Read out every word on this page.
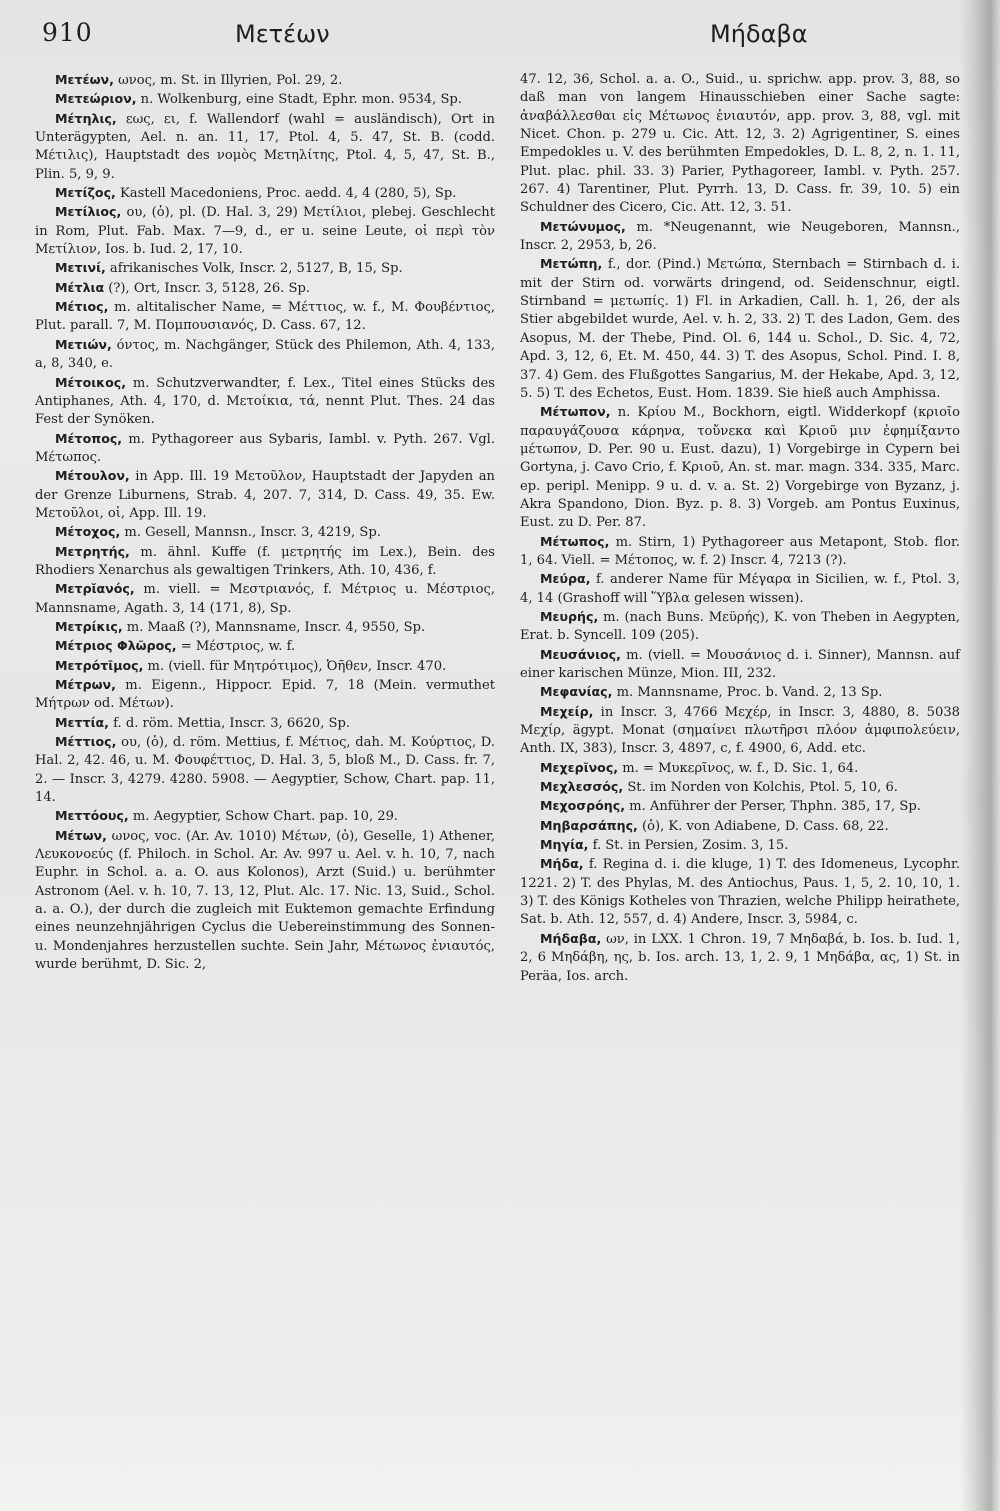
910	Μετέων	Μήδαβα

Μετέων, ωνος, m. St. in Illyrien, Pol. 29, 2.

Μετεώριον, n. Wolkenburg, eine Stadt, Ephr. mon. 9534, Sp.

Μέτηλις, εως, ει, f. Wallendorf (wahl = ausländisch), Ort in Unterägypten, Ael. n. an. 11, 17, Ptol. 4, 5. 47, St. B. (codd. Μέτιλις), Hauptstadt des νομὸς Μετηλίτης, Ptol. 4, 5, 47, St. B., Plin. 5, 9, 9.

Μετίζος, Kastell Macedoniens, Proc. aedd. 4, 4 (280, 5), Sp.

Μετίλιος, ου, (ὁ), pl. (D. Hal. 3, 29) Μετίλιοι, plebej. Geschlecht in Rom, Plut. Fab. Max. 7—9, d., er u. seine Leute, οἱ περὶ τὸν Μετίλιον, Ios. b. Iud. 2, 17, 10.

Μετινί, afrikanisches Volk, Inscr. 2, 5127, B, 15, Sp.

Μέτλια (?), Ort, Inscr. 3, 5128, 26. Sp.

Μέτιος, m. altitalischer Name, = Μέττιος, w. f., Μ. Φουβέντιος, Plut. parall. 7, Μ. Πομπουσιανός, D. Cass. 67, 12.

Μετιών, όντος, m. Nachgänger, Stück des Philemon, Ath. 4, 133, a, 8, 340, e.

Μέτοικος, m. Schutzverwandter, f. Lex., Titel eines Stücks des Antiphanes, Ath. 4, 170, d. Μετοίκια, τά, nennt Plut. Thes. 24 das Fest der Synöken.

Μέτοπος, m. Pythagoreer aus Sybaris, Iambl. v. Pyth. 267. Vgl. Μέτωπος.

Μέτουλον, in App. Ill. 19 Μετοῦλον, Hauptstadt der Japyden an der Grenze Liburnens, Strab. 4, 207. 7, 314, D. Cass. 49, 35. Ew. Μετοῦλοι, οἱ, App. Ill. 19.

Μέτοχος, m. Gesell, Mannsn., Inscr. 3, 4219, Sp.

Μετρητής, m. ähnl. Kuffe (f. μετρητής im Lex.), Bein. des Rhodiers Xenarchus als gewaltigen Trinkers, Ath. 10, 436, f.

Μετρῐανός, m. viell. = Μεστριανός, f. Μέτριος u. Μέστριος, Mannsname, Agath. 3, 14 (171, 8), Sp.

Μετρίκις, m. Maaß (?), Mannsname, Inscr. 4, 9550, Sp.

Μέτριος Φλῶρος, = Μέστριος, w. f.

Μετρότῑμος, m. (viell. für Μητρότιμος), Ὀῆθεν, Inscr. 470.

Μέτρων, m. Eigenn., Hippocr. Epid. 7, 18 (Mein. vermuthet Μήτρων od. Μέτων).

Μεττία, f. d. röm. Mettia, Inscr. 3, 6620, Sp.

Μέττιος, ου, (ὁ), d. röm. Mettius, f. Μέτιος, dah. Μ. Κούρτιος, D. Hal. 2, 42. 46, u. Μ. Φουφέττιος, D. Hal. 3, 5, bloß Μ., D. Cass. fr. 7, 2. — Inscr. 3, 4279. 4280. 5908. — Aegyptier, Schow, Chart. pap. 11, 14.

Μεττόους, m. Aegyptier, Schow Chart. pap. 10, 29.

Μέτων, ωνος, voc. (Ar. Av. 1010) Μέτων, (ὁ), Geselle, 1) Athener, Λευκονοεύς (f. Philoch. in Schol. Ar. Av. 997 u. Ael. v. h. 10, 7, nach Euphr. in Schol. a. a. O. aus Kolonos), Arzt (Suid.) u. berühmter Astronom (Ael. v. h. 10, 7. 13, 12, Plut. Alc. 17. Nic. 13, Suid., Schol. a. a. O.), der durch die zugleich mit Euktemon gemachte Erfindung eines neunzehnjährigen Cyclus die Uebereinstimmung des Sonnen- u. Mondenjahres herzustellen suchte. Sein Jahr, Μέτωνος ἐνιαυτός, wurde berühmt, D. Sic. 2,

47. 12, 36, Schol. a. a. O., Suid., u. sprichw. app. prov. 3, 88, so daß man von langem Hinausschieben einer Sache sagte: ἀναβάλλεσθαι εἰς Μέτωνος ἐνιαυτόν, app. prov. 3, 88, vgl. mit Nicet. Chon. p. 279 u. Cic. Att. 12, 3. 2) Agrigentiner, S. eines Empedokles u. V. des berühmten Empedokles, D. L. 8, 2, n. 1. 11, Plut. plac. phil. 33. 3) Parier, Pythagoreer, Iambl. v. Pyth. 257. 267. 4) Tarentiner, Plut. Pyrrh. 13, D. Cass. fr. 39, 10. 5) ein Schuldner des Cicero, Cic. Att. 12, 3. 51.

Μετώνυμος, m. *Neugenannt, wie Neugeboren, Mannsn., Inscr. 2, 2953, b, 26.

Μετώπη, f., dor. (Pind.) Μετώπα, Sternbach = Stirnbach d. i. mit der Stirn od. vorwärts dringend, od. Seidenschnur, eigtl. Stirnband = μετωπίς. 1) Fl. in Arkadien, Call. h. 1, 26, der als Stier abgebildet wurde, Ael. v. h. 2, 33. 2) T. des Ladon, Gem. des Asopus, M. der Thebe, Pind. Ol. 6, 144 u. Schol., D. Sic. 4, 72, Apd. 3, 12, 6, Et. M. 450, 44. 3) T. des Asopus, Schol. Pind. I. 8, 37. 4) Gem. des Flußgottes Sangarius, M. der Hekabe, Apd. 3, 12, 5. 5) T. des Echetos, Eust. Hom. 1839. Sie hieß auch Amphissa.

Μέτωπον, n. Κρίου Μ., Bockhorn, eigtl. Widderkopf (κριοῖο παραυγάζουσα κάρηνα, τοὔνεκα καὶ Κριοῦ μιν ἐφημίξαντο μέτωπον, D. Per. 90 u. Eust. dazu), 1) Vorgebirge in Cypern bei Gortyna, j. Cavo Crio, f. Κριοῦ, An. st. mar. magn. 334. 335, Marc. ep. peripl. Menipp. 9 u. d. v. a. St. 2) Vorgebirge von Byzanz, j. Akra Spandono, Dion. Byz. p. 8. 3) Vorgeb. am Pontus Euxinus, Eust. zu D. Per. 87.

Μέτωπος, m. Stirn, 1) Pythagoreer aus Metapont, Stob. flor. 1, 64. Viell. = Μέτοπος, w. f. 2) Inscr. 4, 7213 (?).

Μεύρα, f. anderer Name für Μέγαρα in Sicilien, w. f., Ptol. 3, 4, 14 (Grashoff will Ὕβλα gelesen wissen).

Μευρής, m. (nach Buns. Μεϋρής), K. von Theben in Aegypten, Erat. b. Syncell. 109 (205).

Μευσάνιος, m. (viell. = Μουσάνιος d. i. Sinner), Mannsn. auf einer karischen Münze, Mion. III, 232.

Μεφανίας, m. Mannsname, Proc. b. Vand. 2, 13 Sp.

Μεχείρ, in Inscr. 3, 4766 Μεχέρ, in Inscr. 3, 4880, 8. 5038 Μεχίρ, ägypt. Monat (σημαίνει πλωτῆρσι πλόον ἀμφιπολεύειν, Anth. IX, 383), Inscr. 3, 4897, c, f. 4900, 6, Add. etc.

Μεχερῖνος, m. = Μυκερῖνος, w. f., D. Sic. 1, 64.

Μεχλεσσός, St. im Norden von Kolchis, Ptol. 5, 10, 6.

Μεχοσρόης, m. Anführer der Perser, Thphn. 385, 17, Sp.

Μηβαρσάπης, (ὁ), K. von Adiabene, D. Cass. 68, 22.

Μηγία, f. St. in Persien, Zosim. 3, 15.

Μήδα, f. Regina d. i. die kluge, 1) T. des Idomeneus, Lycophr. 1221. 2) T. des Phylas, M. des Antiochus, Paus. 1, 5, 2. 10, 10, 1. 3) T. des Königs Kotheles von Thrazien, welche Philipp heirathete, Sat. b. Ath. 12, 557, d. 4) Andere, Inscr. 3, 5984, c.

Μήδαβα, ων, in LXX. 1 Chron. 19, 7 Μηδαβά, b. Ios. b. Iud. 1, 2, 6 Μηδάβη, ης, b. Ios. arch. 13, 1, 2. 9, 1 Μηδάβα, ας, 1) St. in Peräa, Ios. arch.
